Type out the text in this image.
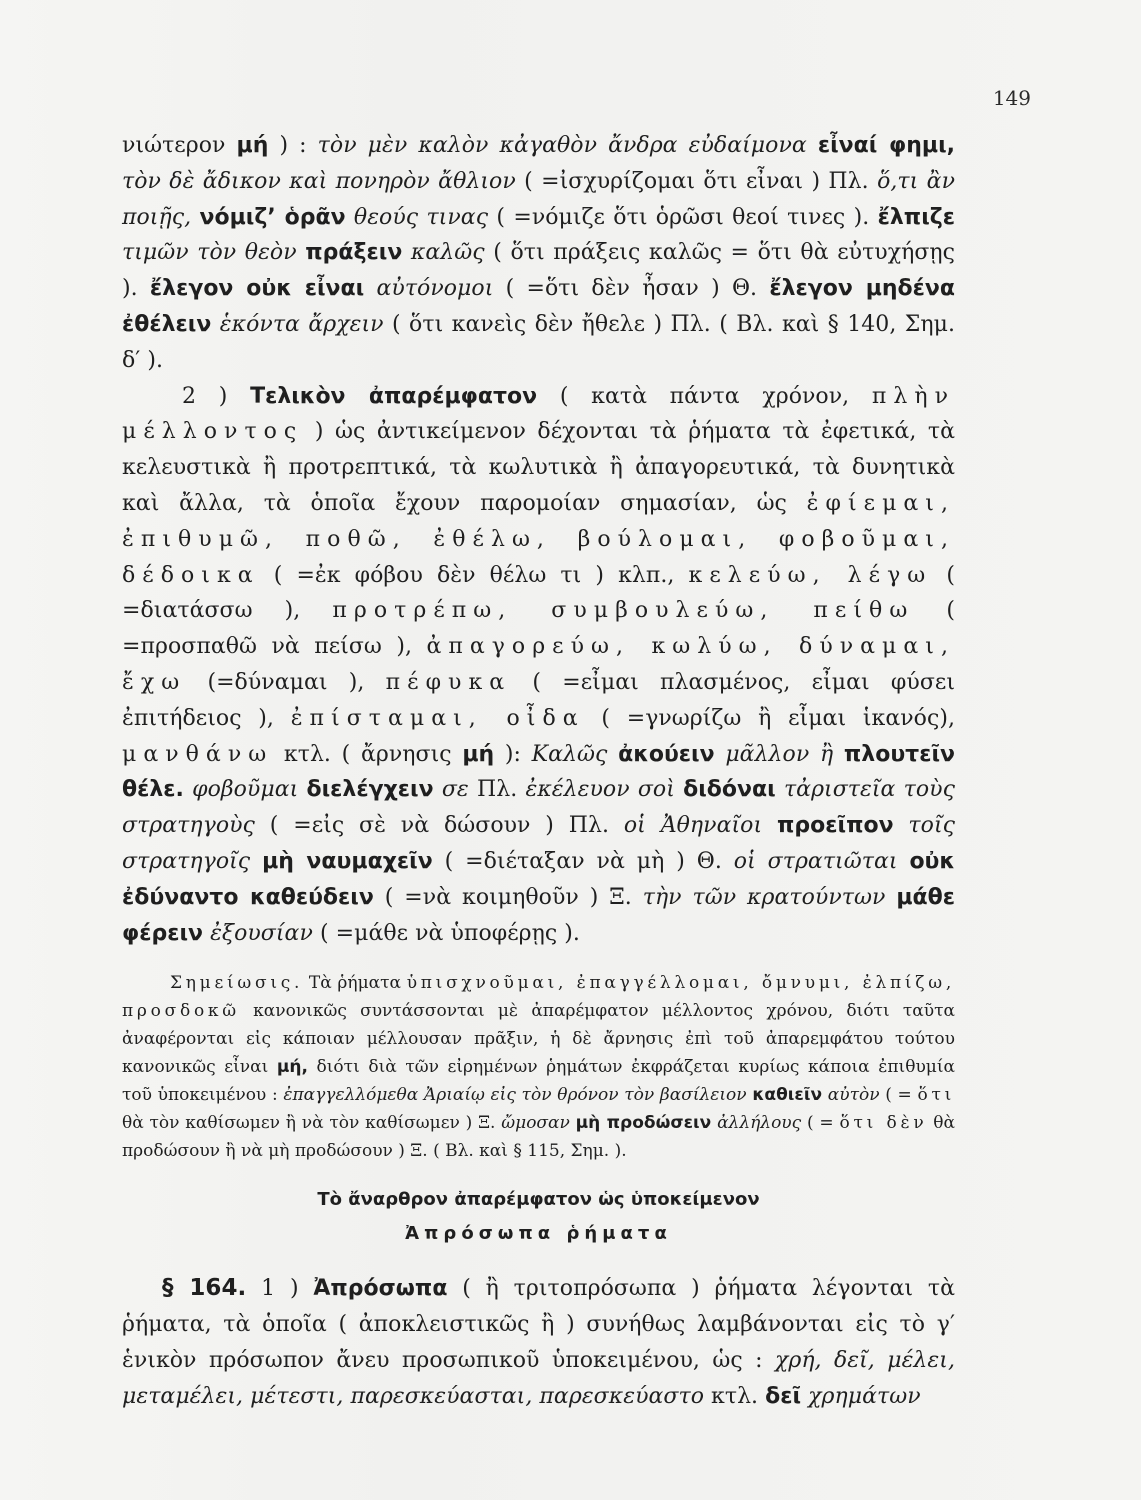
149

νιώτερον μή ) : τὸν μὲν καλὸν κἀγαθὸν ἄνδρα εὐδαίμονα εἶναί φημι, τὸν δὲ ἄδικον καὶ πονηρὸν ἄθλιον ( =ἰσχυρίζομαι ὅτι εἶναι ) Πλ. ὅ,τι ἂν ποιῇς, νόμιζ’ ὁρᾶν θεούς τινας ( =νόμιζε ὅτι ὁρῶσι θεοί τινες ). ἔλπιζε τιμῶν τὸν θεὸν πράξειν καλῶς ( ὅτι πράξεις καλῶς = ὅτι θὰ εὐτυχήσῃς ). ἔλεγον οὐκ εἶναι αὐτόνομοι ( =ὅτι δὲν ἦσαν ) Θ. ἔλεγον μηδένα ἐθέλειν ἑκόντα ἄρχειν ( ὅτι κανεὶς δὲν ἤθελε ) Πλ. ( Βλ. καὶ § 140, Σημ. δ′ ).

2 ) Τελικὸν ἀπαρέμφατον ( κατὰ πάντα χρόνον, πλὴν μέλλοντος ) ὡς ἀντικείμενον δέχονται τὰ ῥήματα τὰ ἐφετικά, τὰ κελευστικὰ ἢ προτρεπτικά, τὰ κωλυτικὰ ἢ ἀπαγορευτικά, τὰ δυνητικὰ καὶ ἄλλα, τὰ ὁποῖα ἔχουν παρομοίαν σημασίαν, ὡς ἐφίεμαι, ἐπιθυμῶ, ποθῶ, ἐθέλω, βούλομαι, φοβοῦμαι, δέδοικα ( =ἐκ φόβου δὲν θέλω τι ) κλπ., κελεύω, λέγω ( =διατάσσω ), προτρέπω, συμβουλεύω, πείθω ( =προσπαθῶ νὰ πείσω ), ἀπαγορεύω, κωλύω, δύναμαι, ἔχω (=δύναμαι ), πέφυκα ( =εἶμαι πλασμένος, εἶμαι φύσει ἐπιτήδειος ), ἐπίσταμαι, οἶδα ( =γνωρίζω ἢ εἶμαι ἱκανός), μανθάνω κτλ. ( ἄρνησις μή ): Καλῶς ἀκούειν μᾶλλον ἢ πλουτεῖν θέλε. φοβοῦμαι διελέγχειν σε Πλ. ἐκέλευον σοὶ διδόναι τἀριστεῖα τοὺς στρατηγοὺς ( =εἰς σὲ νὰ δώσουν ) Πλ. οἱ Ἀθηναῖοι προεῖπον τοῖς στρατηγοῖς μὴ ναυμαχεῖν ( =διέταξαν νὰ μὴ ) Θ. οἱ στρατιῶται οὐκ ἐδύναντο καθεύδειν ( =νὰ κοιμηθοῦν ) Ξ. τὴν τῶν κρατούντων μάθε φέρειν ἐξουσίαν ( =μάθε νὰ ὑποφέρῃς ).

Σημείωσις. Τὰ ῥήματα ὑπισχνοῦμαι, ἐπαγγέλλομαι, ὄμνυμι, ἐλπίζω, προσδοκῶ κανονικῶς συντάσσονται μὲ ἀπαρέμφατον μέλλοντος χρόνου, διότι ταῦτα ἀναφέρονται εἰς κάποιαν μέλλουσαν πρᾶξιν, ἡ δὲ ἄρνησις ἐπὶ τοῦ ἀπαρεμφάτου τούτου κανονικῶς εἶναι μή, διότι διὰ τῶν εἰρημένων ῥημάτων ἐκφράζεται κυρίως κάποια ἐπιθυμία τοῦ ὑποκειμένου : ἐπαγγελλόμεθα Ἀριαίῳ εἰς τὸν θρόνον τὸν βασίλειον καθιεῖν αὐτὸν ( = ὅτι θὰ τὸν καθίσωμεν ἢ νὰ τὸν καθίσωμεν ) Ξ. ὤμοσαν μὴ προδώσειν ἀλλήλους ( = ὅτι δὲν θὰ προδώσουν ἢ νὰ μὴ προδώσουν ) Ξ. ( Βλ. καὶ § 115, Σημ. ).

Τὸ ἄναρθρον ἀπαρέμφατον ὡς ὑποκείμενον

Ἀπρόσωπα ῥήματα

§ 164. 1 ) Ἀπρόσωπα ( ἢ τριτοπρόσωπα ) ῥήματα λέγονται τὰ ῥήματα, τὰ ὁποῖα ( ἀποκλειστικῶς ἢ ) συνήθως λαμβάνονται εἰς τὸ γ′ ἑνικὸν πρόσωπον ἄνευ προσωπικοῦ ὑποκειμένου, ὡς : χρή, δεῖ, μέλει, μεταμέλει, μέτεστι, παρεσκεύασται, παρεσκεύαστο κτλ. δεῖ χρημάτων
